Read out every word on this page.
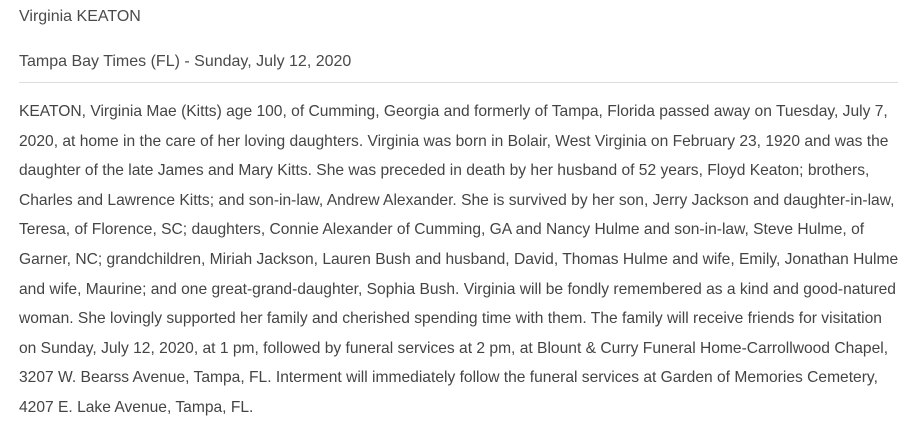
Virginia KEATON
Tampa Bay Times (FL) - Sunday, July 12, 2020

KEATON, Virginia Mae (Kitts) age 100, of Cumming, Georgia and formerly of Tampa, Florida passed away on Tuesday, July 7, 2020, at home in the care of her loving daughters. Virginia was born in Bolair, West Virginia on February 23, 1920 and was the daughter of the late James and Mary Kitts. She was preceded in death by her husband of 52 years, Floyd Keaton; brothers, Charles and Lawrence Kitts; and son-in-law, Andrew Alexander. She is survived by her son, Jerry Jackson and daughter-in-law, Teresa, of Florence, SC; daughters, Connie Alexander of Cumming, GA and Nancy Hulme and son-in-law, Steve Hulme, of Garner, NC; grandchildren, Miriah Jackson, Lauren Bush and husband, David, Thomas Hulme and wife, Emily, Jonathan Hulme and wife, Maurine; and one great-grand-daughter, Sophia Bush. Virginia will be fondly remembered as a kind and good-natured woman. She lovingly supported her family and cherished spending time with them. The family will receive friends for visitation on Sunday, July 12, 2020, at 1 pm, followed by funeral services at 2 pm, at Blount & Curry Funeral Home-Carrollwood Chapel, 3207 W. Bearss Avenue, Tampa, FL. Interment will immediately follow the funeral services at Garden of Memories Cemetery, 4207 E. Lake Avenue, Tampa, FL.
